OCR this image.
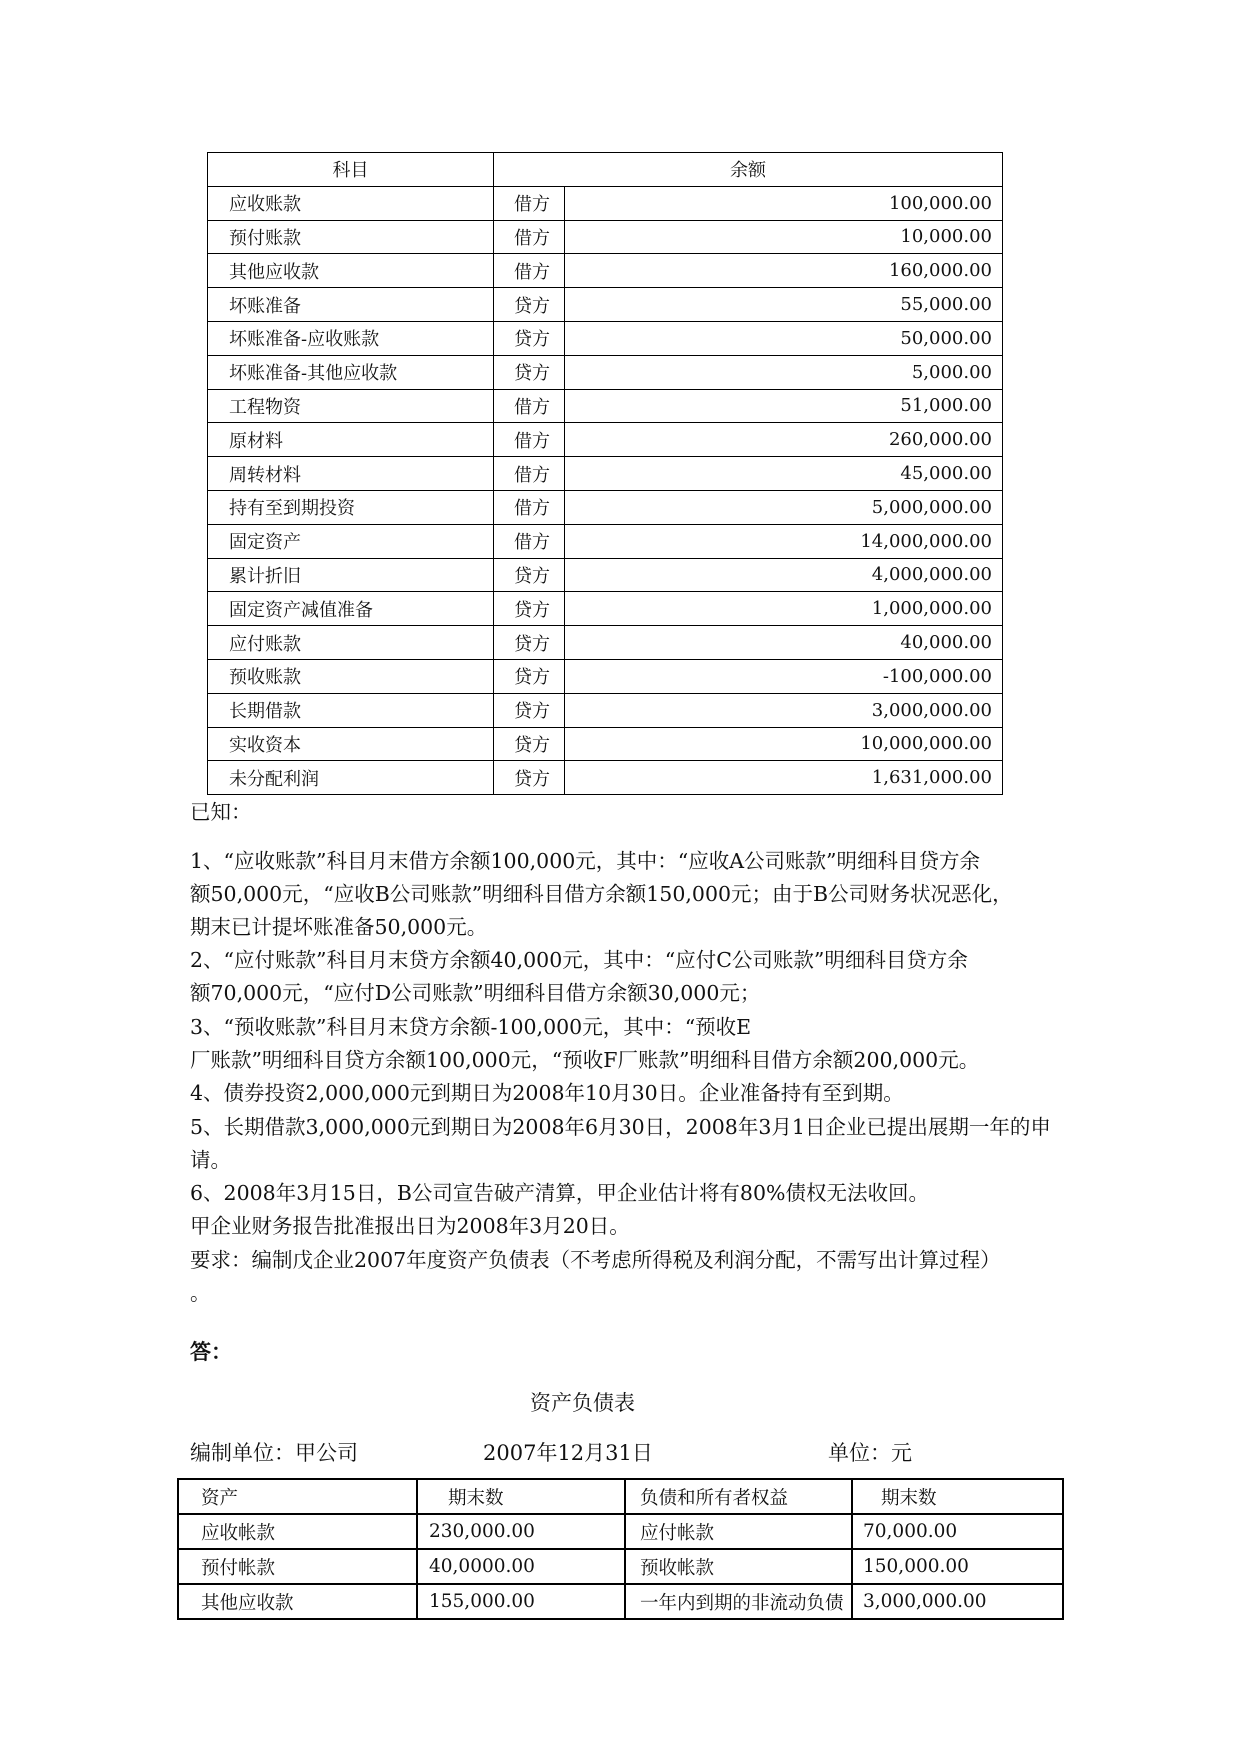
科目	余额	
应收账款	借方	100,000.00
预付账款	借方	10,000.00
其他应收款	借方	160,000.00
坏账准备	贷方	55,000.00
坏账准备-应收账款	贷方	50,000.00
坏账准备-其他应收款	贷方	5,000.00
工程物资	借方	51,000.00
原材料	借方	260,000.00
周转材料	借方	45,000.00
持有至到期投资	借方	5,000,000.00
固定资产	借方	14,000,000.00
累计折旧	贷方	4,000,000.00
固定资产减值准备	贷方	1,000,000.00
应付账款	贷方	40,000.00
预收账款	贷方	-100,000.00
长期借款	贷方	3,000,000.00
实收资本	贷方	10,000,000.00
未分配利润	贷方	1,631,000.00
已知：
1、“应收账款”科目月末借方余额100,000元，其中：“应收A公司账款”明细科目贷方余
额50,000元，“应收B公司账款”明细科目借方余额150,000元；由于B公司财务状况恶化，
期末已计提坏账准备50,000元。
2、“应付账款”科目月末贷方余额40,000元，其中：“应付C公司账款”明细科目贷方余
额70,000元，“应付D公司账款”明细科目借方余额30,000元；
3、“预收账款”科目月末贷方余额-100,000元，其中：“预收E
厂账款”明细科目贷方余额100,000元，“预收F厂账款”明细科目借方余额200,000元。
4、债券投资2,000,000元到期日为2008年10月30日。企业准备持有至到期。
5、长期借款3,000,000元到期日为2008年6月30日，2008年3月1日企业已提出展期一年的申
请。
6、2008年3月15日，B公司宣告破产清算，甲企业估计将有80%债权无法收回。
甲企业财务报告批准报出日为2008年3月20日。
要求：编制戊企业2007年度资产负债表（不考虑所得税及利润分配，不需写出计算过程）
。
答：
资产负债表
编制单位：甲公司	2007年12月31日	单位：元
资产	期末数	负债和所有者权益	期末数
应收帐款	230,000.00	应付帐款	70,000.00
预付帐款	40,0000.00	预收帐款	150,000.00
其他应收款	155,000.00	一年内到期的非流动负债	3,000,000.00
